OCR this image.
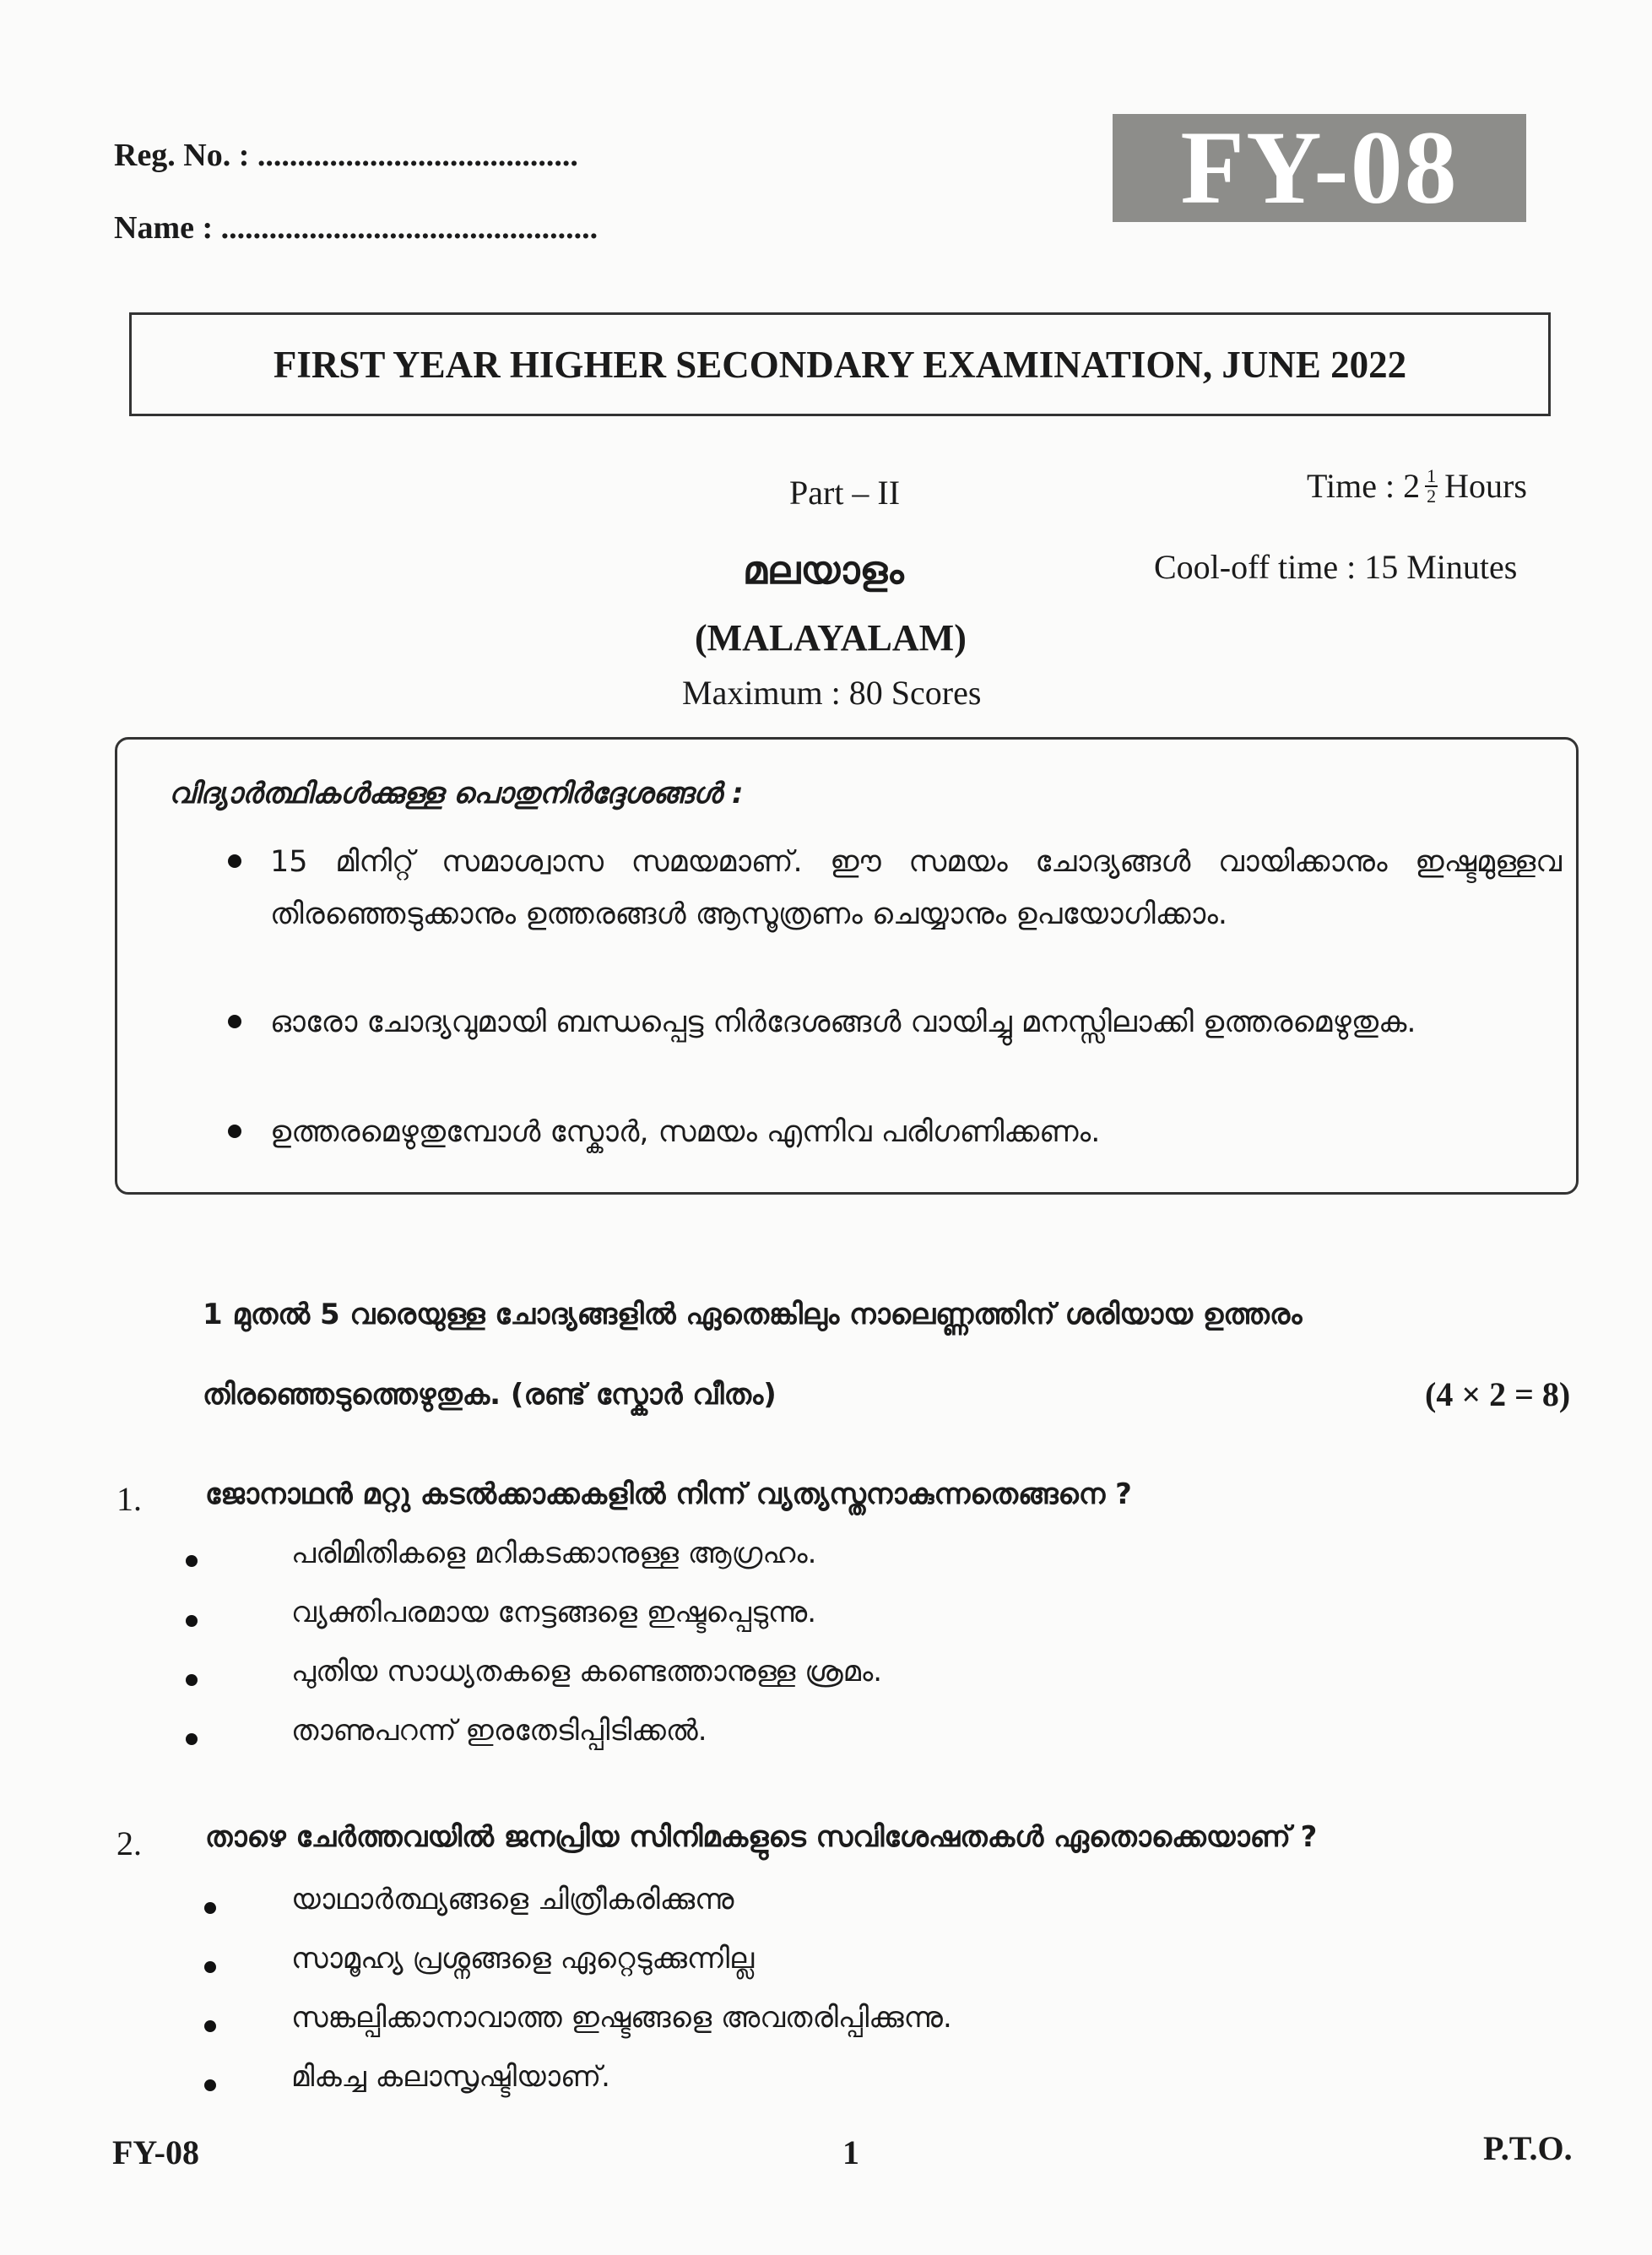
Reg. No. : ........................................
Name : ...............................................
FY-08
FIRST YEAR HIGHER SECONDARY EXAMINATION, JUNE 2022
Part – II	Time : $2 \frac{1}{2}$ Hours
മലയാളം	Cool-off time : 15 Minutes
(MALAYALAM)
Maximum : 80 Scores
വിദ്യാർത്ഥികൾക്കുള്ള പൊതുനിർദ്ദേശങ്ങൾ :
15 മിനിറ്റ് സമാശ്വാസ സമയമാണ്. ഈ സമയം ചോദ്യങ്ങൾ വായിക്കാനും ഇഷ്ടമുള്ളവ തിരഞ്ഞെടുക്കാനും ഉത്തരങ്ങൾ ആസൂത്രണം ചെയ്യാനും ഉപയോഗിക്കാം.
ഓരോ ചോദ്യവുമായി ബന്ധപ്പെട്ട നിർദേശങ്ങൾ വായിച്ചു മനസ്സിലാക്കി ഉത്തരമെഴുതുക.
ഉത്തരമെഴുതുമ്പോൾ സ്കോർ, സമയം എന്നിവ പരിഗണിക്കണം.
1 മുതൽ 5 വരെയുള്ള ചോദ്യങ്ങളിൽ ഏതെങ്കിലും നാലെണ്ണത്തിന് ശരിയായ ഉത്തരം
തിരഞ്ഞെടുത്തെഴുതുക. (രണ്ട് സ്കോർ വീതം)	(4 × 2 = 8)
1. ജോനാഥൻ മറ്റു കടൽക്കാക്കകളിൽ നിന്ന് വ്യത്യസ്തനാകുന്നതെങ്ങനെ ?
പരിമിതികളെ മറികടക്കാനുള്ള ആഗ്രഹം.
വ്യക്തിപരമായ നേട്ടങ്ങളെ ഇഷ്ടപ്പെടുന്നു.
പുതിയ സാധ്യതകളെ കണ്ടെത്താനുള്ള ശ്രമം.
താണുപറന്ന് ഇരതേടിപ്പിടിക്കൽ.
2. താഴെ ചേർത്തവയിൽ ജനപ്രിയ സിനിമകളുടെ സവിശേഷതകൾ ഏതൊക്കെയാണ് ?
യാഥാർത്ഥ്യങ്ങളെ ചിത്രീകരിക്കുന്നു
സാമൂഹ്യ പ്രശ്നങ്ങളെ ഏറ്റെടുക്കുന്നില്ല
സങ്കല്പിക്കാനാവാത്ത ഇഷ്ടങ്ങളെ അവതരിപ്പിക്കുന്നു.
മികച്ച കലാസൃഷ്ടിയാണ്.
FY-08	1	P.T.O.
